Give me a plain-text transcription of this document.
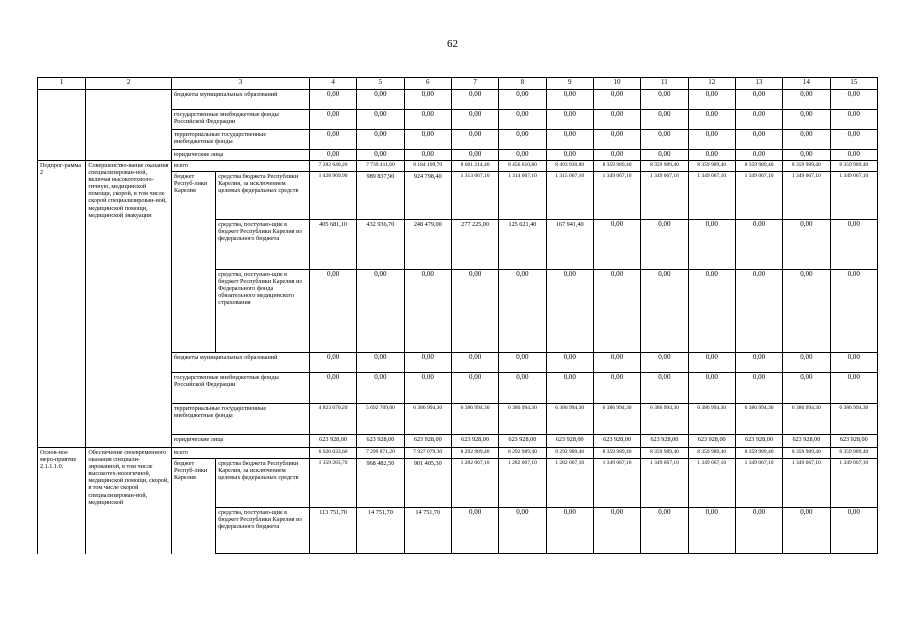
62
1	2	3		4	5	6	7	8	9	10	11	12	13	14	15
		бюджеты муниципальных образований		0,00	0,00	0,00	0,00	0,00	0,00	0,00	0,00	0,00	0,00	0,00	0,00
		государственные внебюджетные фонды Российской Федерации		0,00	0,00	0,00	0,00	0,00	0,00	0,00	0,00	0,00	0,00	0,00	0,00
		территориальные государственные внебюджетные фонды		0,00	0,00	0,00	0,00	0,00	0,00	0,00	0,00	0,00	0,00	0,00	0,00
		юридические лица		0,00	0,00	0,00	0,00	0,00	0,00	0,00	0,00	0,00	0,00	0,00	0,00
Подпрог-рамма 2	Совершенство-вание оказания специализирован-ной, включая высокотехноло-гичную, медицинской помощи, скорой, в том числе скорой специализирован-ной, медицинской помощи, медицинской эвакуации	всего		7 282 640,20	7 739 411,60	8 184 199,70	8 601 214,40	8 456 610,80	8 493 930,80	8 359 989,40	8 359 989,40	8 359 989,40	8 359 989,40	8 359 989,40	8 359 989,40
		бюджет Респуб-лики Карелия	средства бюджета Республики Карелия, за исключением целевых федеральных средств	1 428 969,90	989 837,90	924 798,40	1 313 067,10	1 314 067,10	1 315 067,10	1 349 067,10	1 349 067,10	1 349 067,10	1 349 067,10	1 349 067,10	1 349 067,10
			средства, поступаю-щие в бюджет Республики Карелия из федерального бюджета	405 681,10	432 936,70	248 479,00	277 225,00	125 621,40	167 941,40	0,00	0,00	0,00	0,00	0,00	0,00
			средства, поступаю-щие в бюджет Республики Карелия из Федерального фонда обязательного медицинского страхования	0,00	0,00	0,00	0,00	0,00	0,00	0,00	0,00	0,00	0,00	0,00	0,00
		бюджеты муниципальных образований		0,00	0,00	0,00	0,00	0,00	0,00	0,00	0,00	0,00	0,00	0,00	0,00
		государственные внебюджетные фонды Российской Федерации		0,00	0,00	0,00	0,00	0,00	0,00	0,00	0,00	0,00	0,00	0,00	0,00
		территориальные государственные внебюджетные фонды		4 823 070,20	5 692 709,00	6 386 994,30	6 386 994,30	6 386 994,30	6 386 994,30	6 386 994,30	6 386 994,30	6 386 994,30	6 386 994,30	6 386 994,30	6 386 994,30
		юридические лица		623 928,00	623 928,00	623 928,00	623 928,00	623 928,00	623 928,00	623 928,00	623 928,00	623 928,00	623 928,00	623 928,00	623 928,00
Основ-ное меро-приятие 2.1.1.1.0.	Обеспечение своевременного оказания специали-зированной, в том числе высокотех-нологичной, медицинской помощи, скорой, в том числе скорой специализирован-ной, медицинской	всего		6 920 033,60	7 299 871,20	7 927 079,30	8 292 989,40	8 292 989,40	8 292 989,40	8 359 989,40	8 359 989,40	8 359 989,40	8 359 989,40	8 359 989,40	8 359 989,40
		бюджет Респуб-лики Карелия	средства бюджета Республики Карелия, за исключением целевых федеральных средств	1 359 283,70	968 482,50	901 405,30	1 282 067,10	1 282 067,10	1 282 067,10	1 349 067,10	1 349 067,10	1 349 067,10	1 349 067,10	1 349 067,10	1 349 067,10
			средства, поступаю-щие в бюджет Республики Карелия из федерального бюджета	113 751,70	14 751,70	14 751,70	0,00	0,00	0,00	0,00	0,00	0,00	0,00	0,00	0,00
